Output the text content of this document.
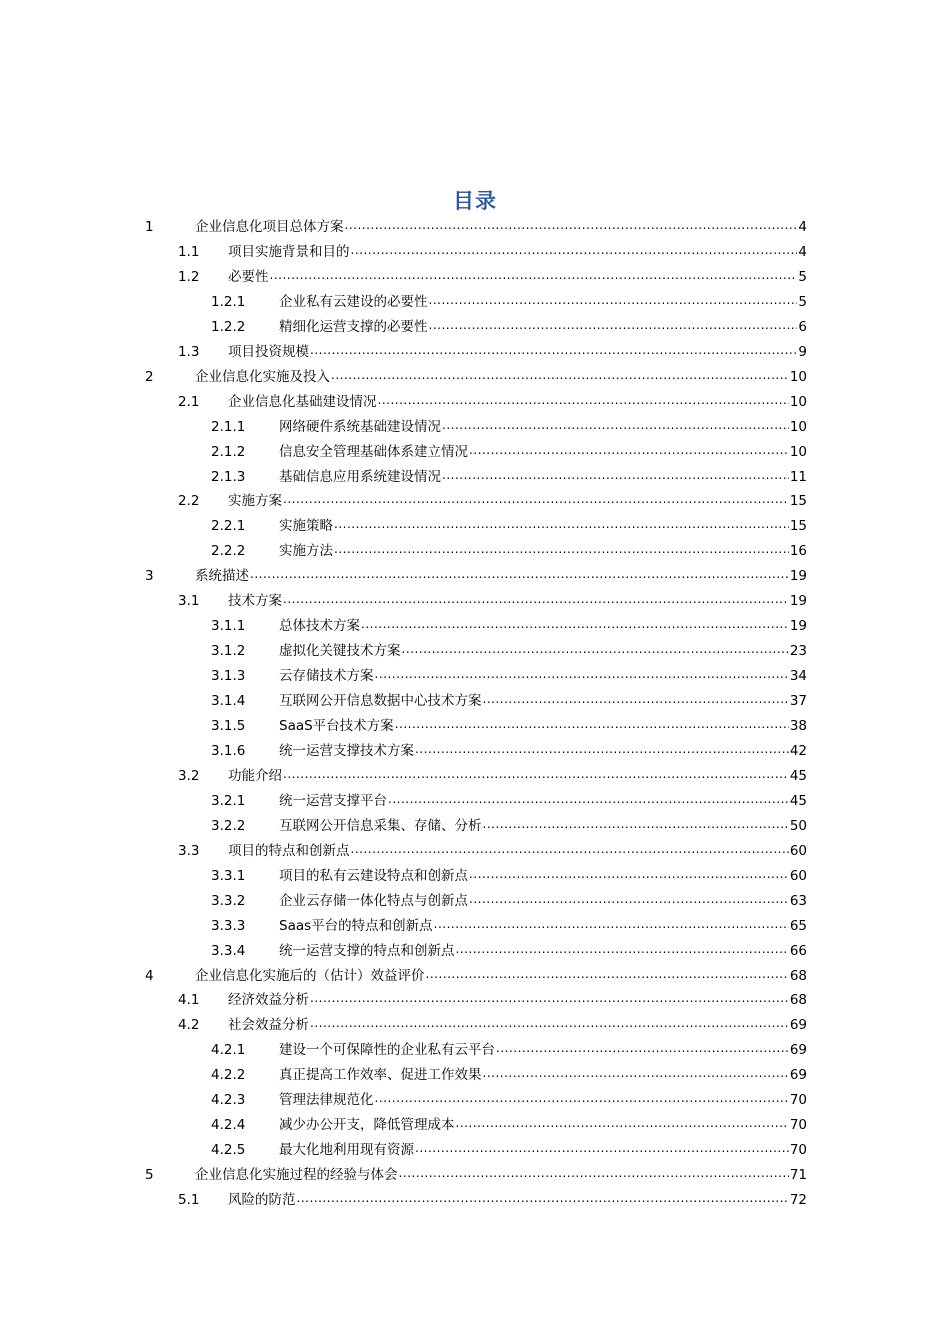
目录
1	企业信息化项目总体方案 .....	4
1.1	项目实施背景和目的 .....	4
1.2	必要性 .....	5
1.2.1	企业私有云建设的必要性 .....	5
1.2.2	精细化运营支撑的必要性 .....	6
1.3	项目投资规模 .....	9
2	企业信息化实施及投入 .....	10
2.1	企业信息化基础建设情况 .....	10
2.1.1	网络硬件系统基础建设情况 .....	10
2.1.2	信息安全管理基础体系建立情况 .....	10
2.1.3	基础信息应用系统建设情况 .....	11
2.2	实施方案 .....	15
2.2.1	实施策略 .....	15
2.2.2	实施方法 .....	16
3	系统描述 .....	19
3.1	技术方案 .....	19
3.1.1	总体技术方案 .....	19
3.1.2	虚拟化关键技术方案 .....	23
3.1.3	云存储技术方案 .....	34
3.1.4	互联网公开信息数据中心技术方案 .....	37
3.1.5	SaaS平台技术方案 .....	38
3.1.6	统一运营支撑技术方案 .....	42
3.2	功能介绍 .....	45
3.2.1	统一运营支撑平台 .....	45
3.2.2	互联网公开信息采集、存储、分析 .....	50
3.3	项目的特点和创新点 .....	60
3.3.1	项目的私有云建设特点和创新点 .....	60
3.3.2	企业云存储一体化特点与创新点 .....	63
3.3.3	Saas平台的特点和创新点 .....	65
3.3.4	统一运营支撑的特点和创新点 .....	66
4	企业信息化实施后的（估计）效益评价 .....	68
4.1	经济效益分析 .....	68
4.2	社会效益分析 .....	69
4.2.1	建设一个可保障性的企业私有云平台 .....	69
4.2.2	真正提高工作效率、促进工作效果 .....	69
4.2.3	管理法律规范化 .....	70
4.2.4	减少办公开支，降低管理成本 .....	70
4.2.5	最大化地利用现有资源 .....	70
5	企业信息化实施过程的经验与体会 .....	71
5.1	风险的防范 .....	72
